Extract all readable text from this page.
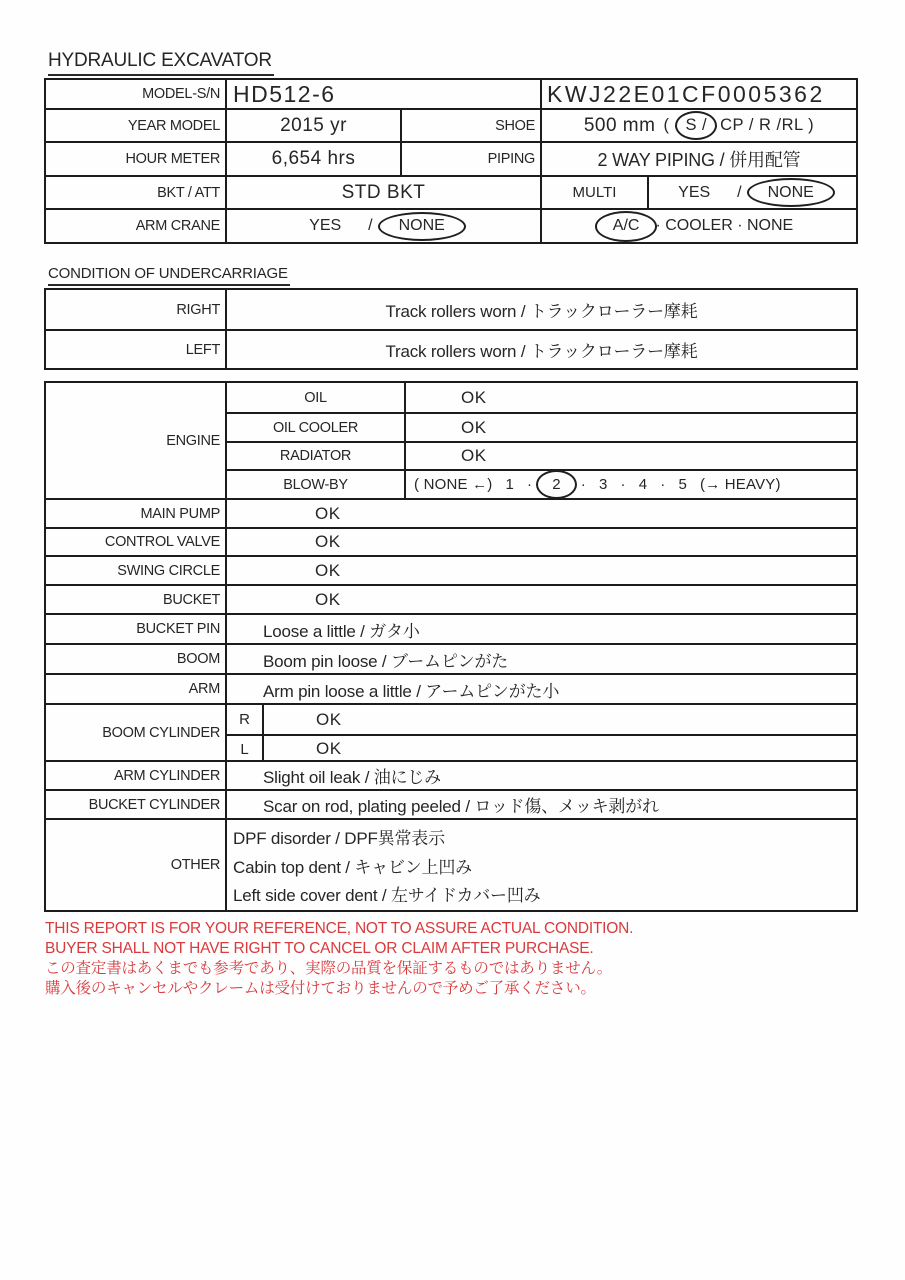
HYDRAULIC EXCAVATOR
MODEL-S/N HD512-6	KWJ22E01CF0005362
YEAR MODEL	2015 yr	SHOE	500 mm ( S / CP / R /RL )
HOUR METER	6,654 hrs	PIPING	2 WAY PIPING / 併用配管
BKT / ATT	STD BKT	MULTI	YES /	NONE
ARM CRANE	YES /	NONE	A/C	· COOLER · NONE
CONDITION OF UNDERCARRIAGE
RIGHT	Track rollers worn / トラックローラー摩耗
LEFT	Track rollers worn / トラックローラー摩耗
ENGINE
OIL	OK
OIL COOLER	OK
RADIATOR	OK
BLOW-BY	( NONE ←) 1 ·	2	· 3 · 4 · 5 (→ HEAVY)
MAIN PUMP	OK
CONTROL VALVE	OK
SWING CIRCLE	OK
BUCKET	OK
BUCKET PIN	Loose a little / ガタ小
BOOM	Boom pin loose / ブームピンがた
ARM	Arm pin loose a little / アームピンがた小
BOOM CYLINDER
R	OK
L	OK
ARM CYLINDER	Slight oil leak / 油にじみ
BUCKET CYLINDER	Scar on rod, plating peeled / ロッド傷、メッキ剥がれ
OTHER
DPF disorder / DPF異常表示
Cabin top dent / キャビン上凹み
Left side cover dent / 左サイドカバー凹み
THIS REPORT IS FOR YOUR REFERENCE, NOT TO ASSURE ACTUAL CONDITION.
BUYER SHALL NOT HAVE RIGHT TO CANCEL OR CLAIM AFTER PURCHASE.
この査定書はあくまでも参考であり、実際の品質を保証するものではありません。
購入後のキャンセルやクレームは受付けておりませんので予めご了承ください。
